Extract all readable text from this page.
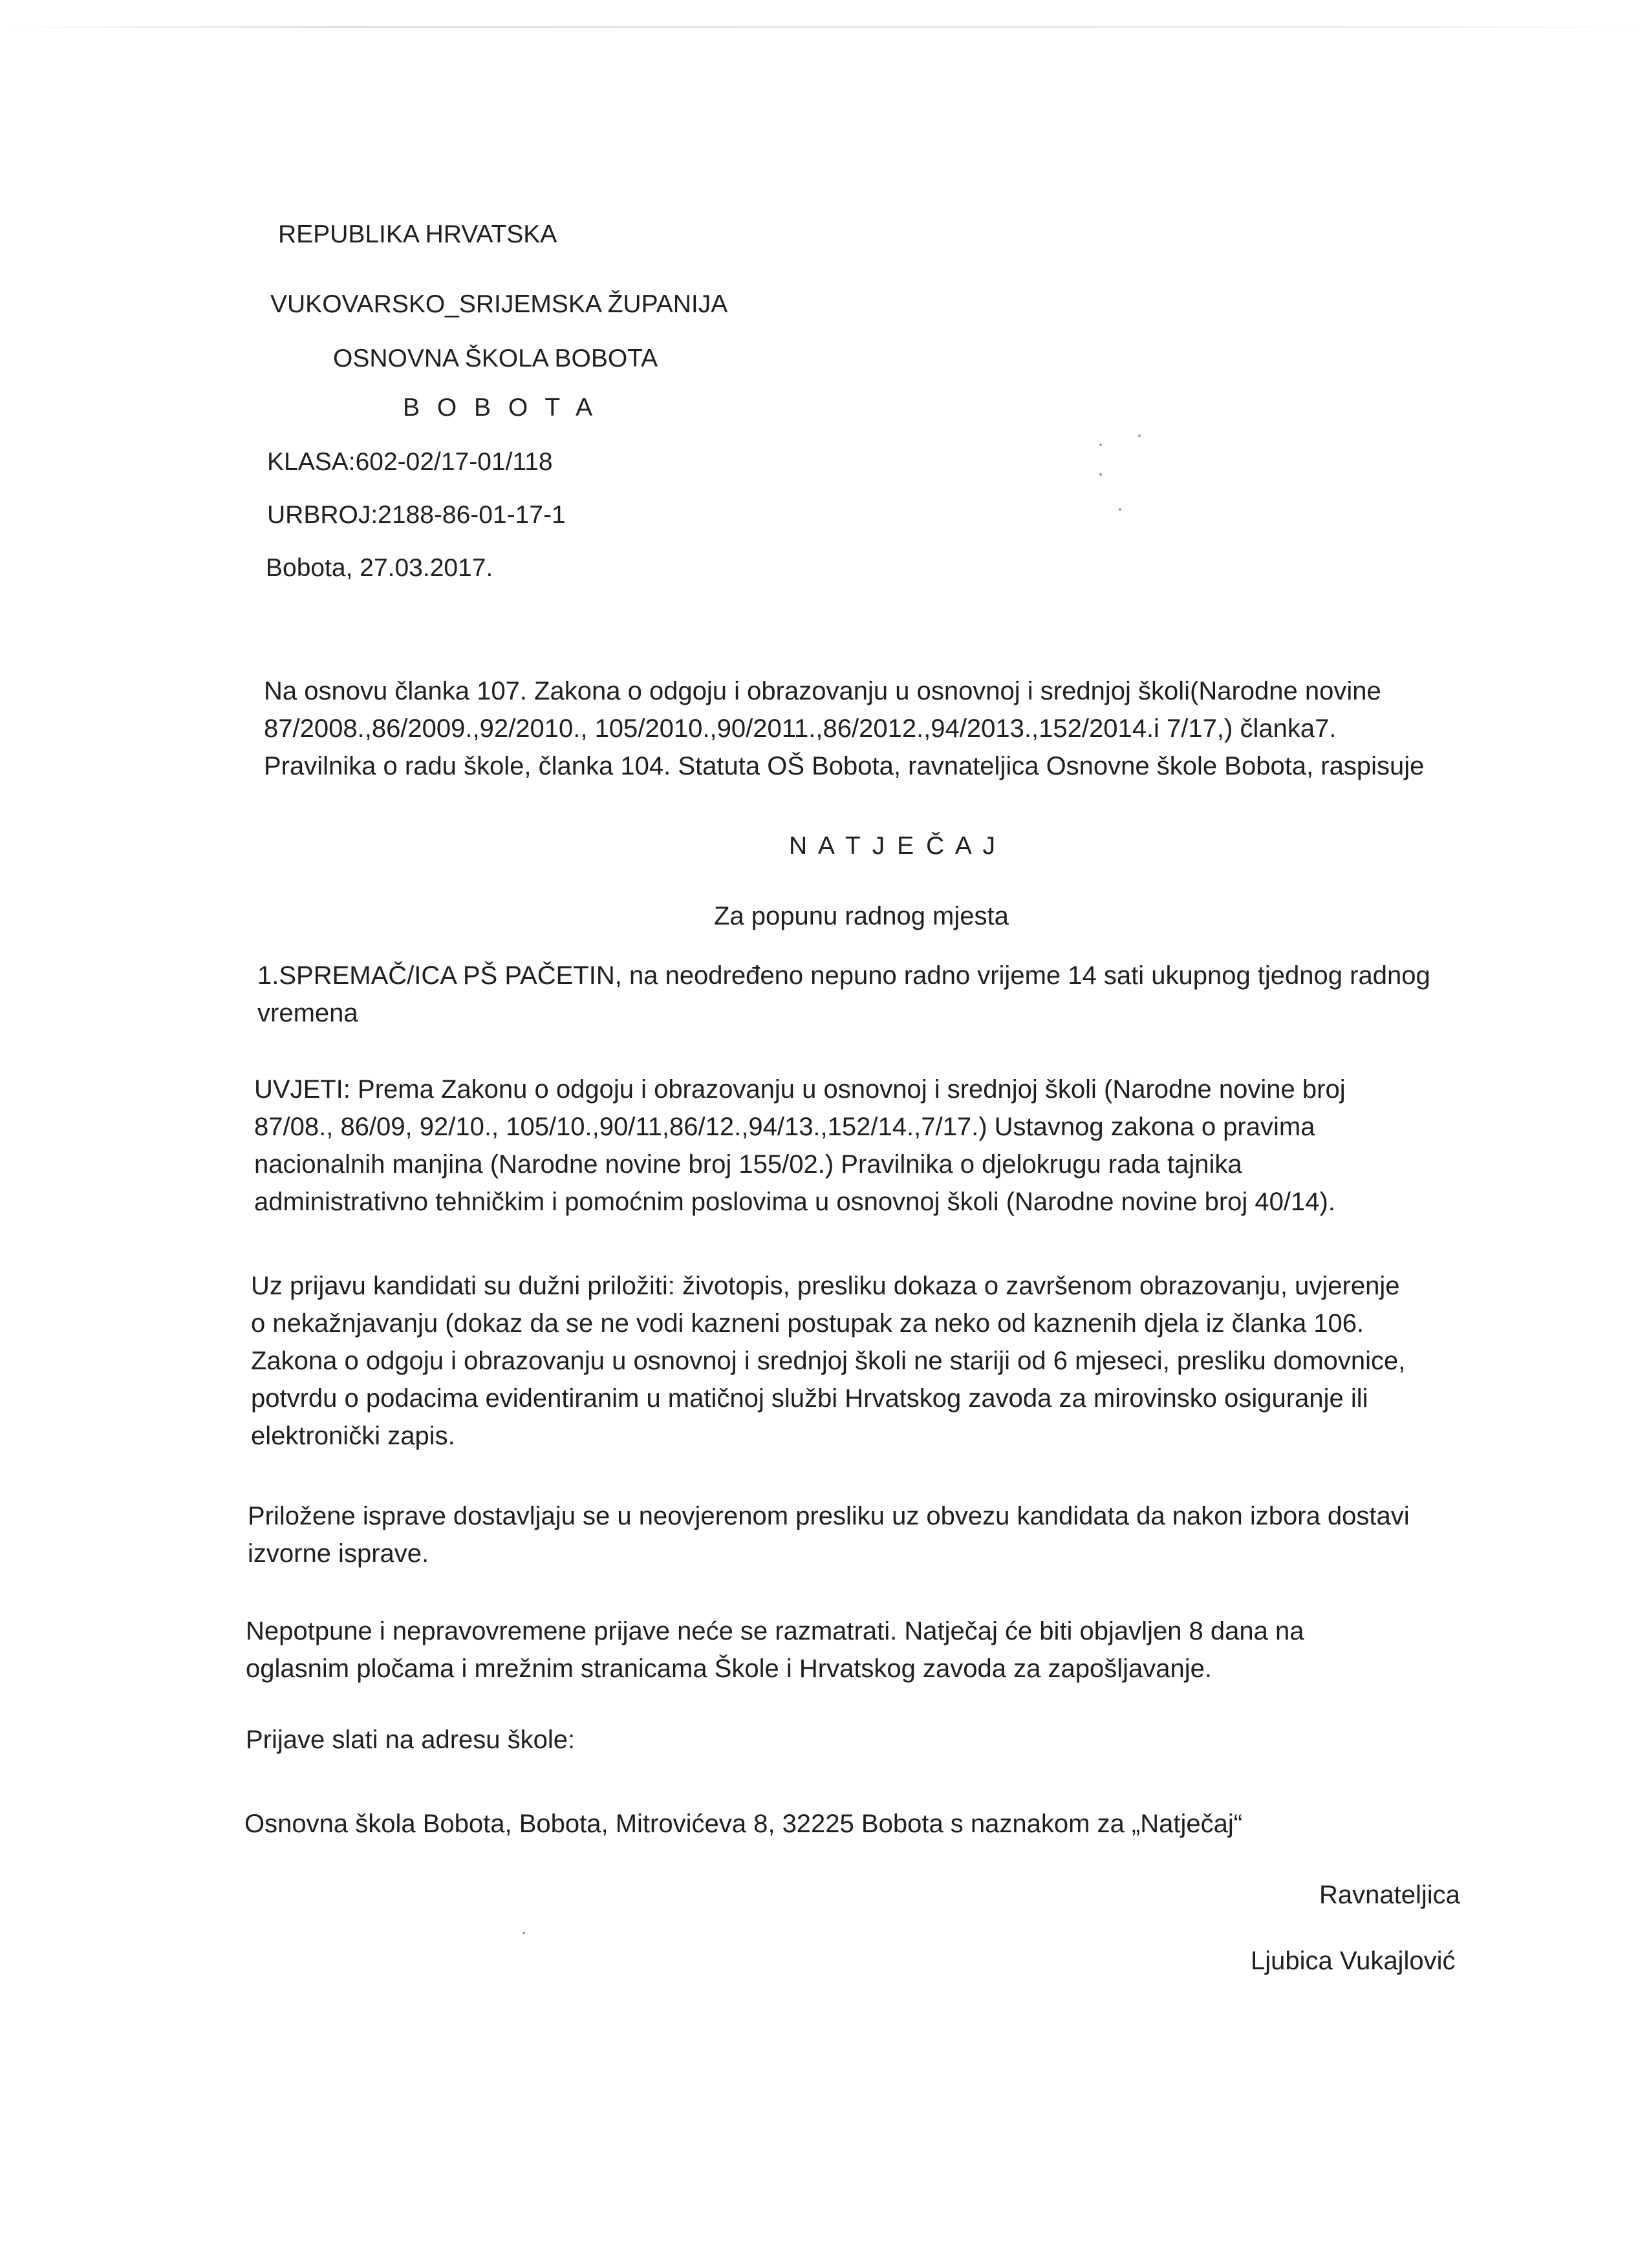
REPUBLIKA HRVATSKA
VUKOVARSKO_SRIJEMSKA ŽUPANIJA
OSNOVNA ŠKOLA BOBOTA
B O B O T A
KLASA:602-02/17-01/118
URBROJ:2188-86-01-17-1
Bobota, 27.03.2017.
Na osnovu članka 107. Zakona o odgoju i obrazovanju u osnovnoj i srednjoj školi(Narodne novine
87/2008.,86/2009.,92/2010., 105/2010.,90/2011.,86/2012.,94/2013.,152/2014.i 7/17,) članka7.
Pravilnika o radu škole, članka 104. Statuta OŠ Bobota, ravnateljica Osnovne škole Bobota, raspisuje
N A T J E Č A J
Za popunu radnog mjesta
1.SPREMAČ/ICA PŠ PAČETIN, na neodređeno nepuno radno vrijeme 14 sati ukupnog tjednog radnog
vremena
UVJETI: Prema Zakonu o odgoju i obrazovanju u osnovnoj i srednjoj školi (Narodne novine broj
87/08., 86/09, 92/10., 105/10.,90/11,86/12.,94/13.,152/14.,7/17.) Ustavnog zakona o pravima
nacionalnih manjina (Narodne novine broj 155/02.) Pravilnika o djelokrugu rada tajnika
administrativno tehničkim i pomoćnim poslovima u osnovnoj školi (Narodne novine broj 40/14).
Uz prijavu kandidati su dužni priložiti: životopis, presliku dokaza o završenom obrazovanju, uvjerenje
o nekažnjavanju (dokaz da se ne vodi kazneni postupak za neko od kaznenih djela iz članka 106.
Zakona o odgoju i obrazovanju u osnovnoj i srednjoj školi ne stariji od 6 mjeseci, presliku domovnice,
potvrdu o podacima evidentiranim u matičnoj službi Hrvatskog zavoda za mirovinsko osiguranje ili
elektronički zapis.
Priložene isprave dostavljaju se u neovjerenom presliku uz obvezu kandidata da nakon izbora dostavi
izvorne isprave.
Nepotpune i nepravovremene prijave neće se razmatrati. Natječaj će biti objavljen 8 dana na
oglasnim pločama i mrežnim stranicama Škole i Hrvatskog zavoda za zapošljavanje.
Prijave slati na adresu škole:
Osnovna škola Bobota, Bobota, Mitrovićeva 8, 32225 Bobota s naznakom za „Natječaj“
Ravnateljica
Ljubica Vukajlović
